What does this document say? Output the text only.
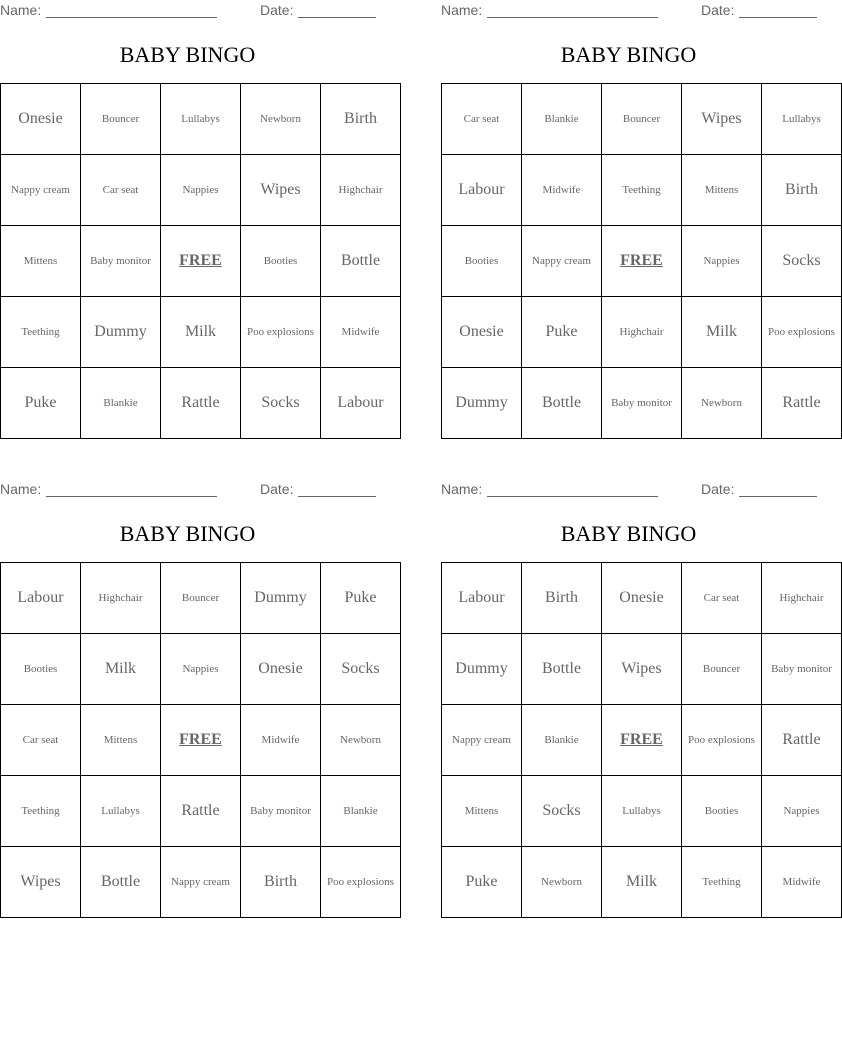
Name:	Date:
BABY BINGO
Onesie	Bouncer	Lullabys	Newborn	Birth
Nappy cream	Car seat	Nappies	Wipes	Highchair
Mittens	Baby monitor	FREE	Booties	Bottle
Teething	Dummy	Milk	Poo explosions	Midwife
Puke	Blankie	Rattle	Socks	Labour
Name:	Date:
BABY BINGO
Car seat	Blankie	Bouncer	Wipes	Lullabys
Labour	Midwife	Teething	Mittens	Birth
Booties	Nappy cream	FREE	Nappies	Socks
Onesie	Puke	Highchair	Milk	Poo explosions
Dummy	Bottle	Baby monitor	Newborn	Rattle
Name:	Date:
BABY BINGO
Labour	Highchair	Bouncer	Dummy	Puke
Booties	Milk	Nappies	Onesie	Socks
Car seat	Mittens	FREE	Midwife	Newborn
Teething	Lullabys	Rattle	Baby monitor	Blankie
Wipes	Bottle	Nappy cream	Birth	Poo explosions
Name:	Date:
BABY BINGO
Labour	Birth	Onesie	Car seat	Highchair
Dummy	Bottle	Wipes	Bouncer	Baby monitor
Nappy cream	Blankie	FREE	Poo explosions	Rattle
Mittens	Socks	Lullabys	Booties	Nappies
Puke	Newborn	Milk	Teething	Midwife
